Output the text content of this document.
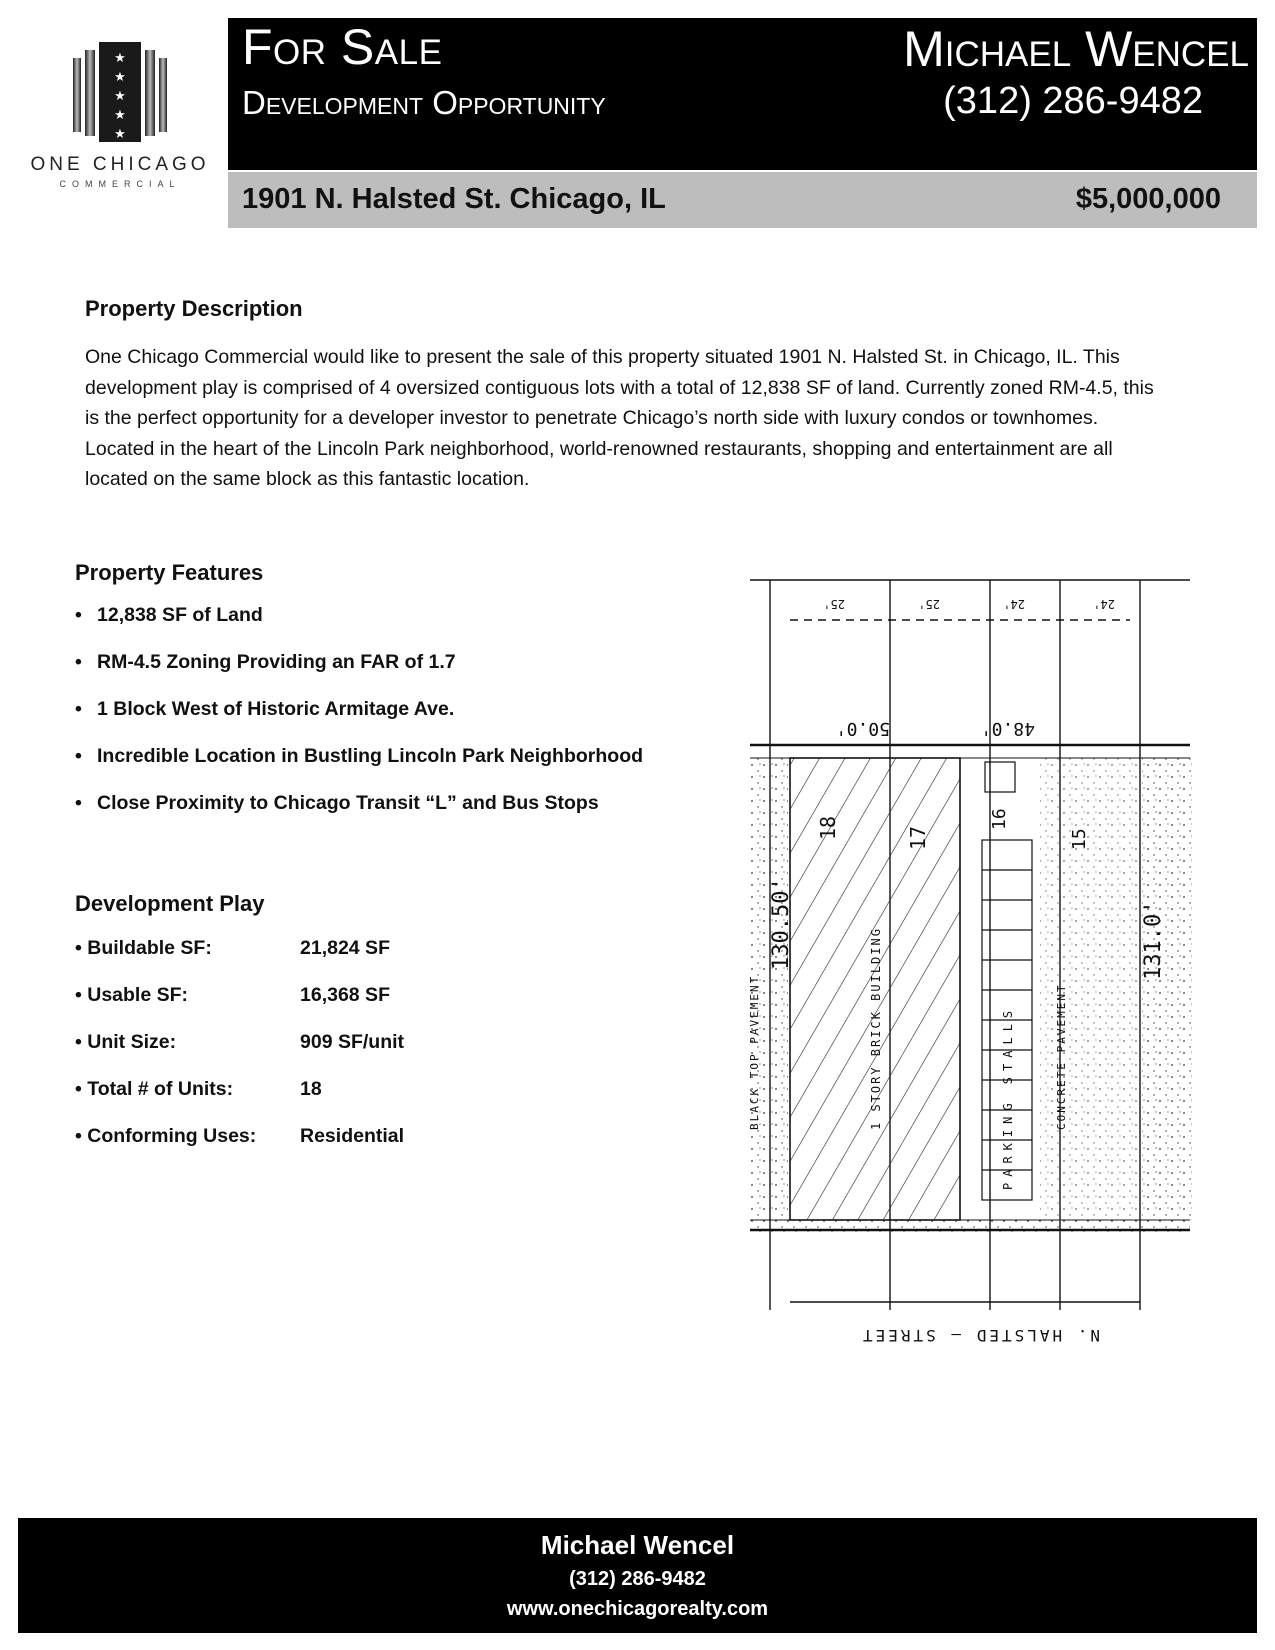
★
★
★
★
★
ONE CHICAGO
COMMERCIAL
For Sale
Development Opportunity
Michael Wencel
(312) 286-9482
1901 N. Halsted St. Chicago, IL	$5,000,000
Property Description
One Chicago Commercial would like to present the sale of this property situated 1901 N. Halsted St. in Chicago, IL. This development play is comprised of 4 oversized contiguous lots with a total of 12,838 SF of land. Currently zoned RM-4.5, this is the perfect opportunity for a developer investor to penetrate Chicago’s north side with luxury condos or townhomes. Located in the heart of the Lincoln Park neighborhood, world-renowned restaurants, shopping and entertainment are all located on the same block as this fantastic location.
Property Features
• 12,838 SF of Land
• RM-4.5 Zoning Providing an FAR of 1.7
• 1 Block West of Historic Armitage Ave.
• Incredible Location in Bustling Lincoln Park Neighborhood
• Close Proximity to Chicago Transit “L” and Bus Stops
Development Play
• Buildable SF:	21,824 SF
• Usable SF:	16,368 SF
• Unit Size:	909 SF/unit
• Total # of Units:	18
• Conforming Uses: Residential
18	17
16
15
130.50'	131.0'
50.0'	48.0'
25'	25'	24'	24'
1 STORY BRICK BUILDING	PARKING STALLS	CONCRETE PAVEMENT
BLACK TOP PAVEMENT
N. HALSTED — STREET
Michael Wencel
(312) 286-9482
www.onechicagorealty.com
